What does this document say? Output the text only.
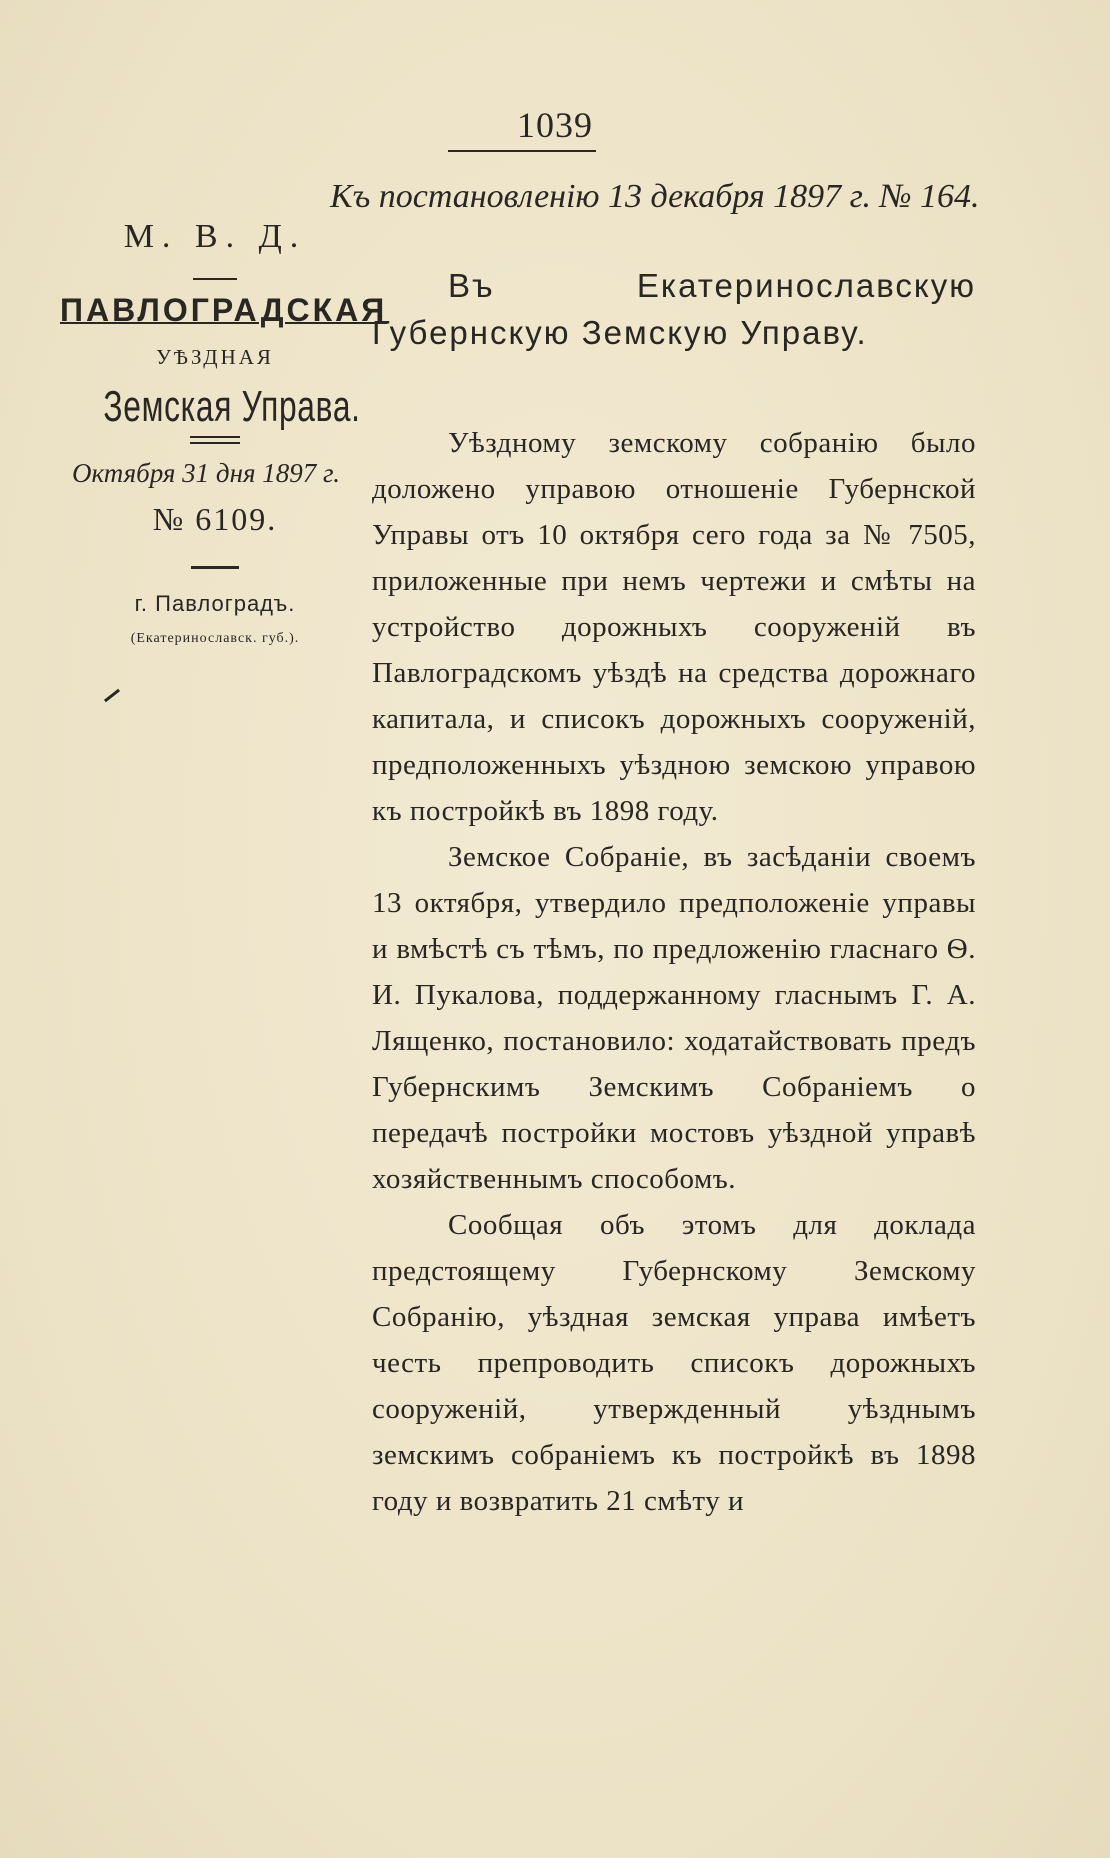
1039
Къ постановленію 13 декабря 1897 г. № 164.
М. В. Д.
ПАВЛОГРАДСКАЯ
УѢЗДНАЯ
Земская Управа.
Октября 31 дня 1897 г.
№ 6109.
г. Павлоградъ.
(Екатеринославск. губ.).
Въ Екатеринославскую Губернскую Земскую Управу.

Уѣздному земскому собранію было доложено управою отношеніе Губернской Управы отъ 10 октября сего года за № 7505, приложенные при немъ чертежи и смѣты на устройство дорожныхъ сооруженій въ Павлоградскомъ уѣздѣ на средства дорожнаго капитала, и списокъ дорожныхъ сооруженій, предположенныхъ уѣздною земскою управою къ постройкѣ въ 1898 году.

Земское Собраніе, въ засѣданіи своемъ 13 октября, утвердило предположеніе управы и вмѣстѣ съ тѣмъ, по предложенію гласнаго Ѳ. И. Пукалова, поддержанному гласнымъ Г. А. Лященко, постановило: ходатайствовать предъ Губернскимъ Земскимъ Собраніемъ о передачѣ постройки мостовъ уѣздной управѣ хозяйственнымъ способомъ.

Сообщая объ этомъ для доклада предстоящему Губернскому Земскому Собранію, уѣздная земская управа имѣетъ честь препроводить списокъ дорожныхъ сооруженій, утвержденный уѣзднымъ земскимъ собраніемъ къ постройкѣ въ 1898 году и возвратить 21 смѣту и
